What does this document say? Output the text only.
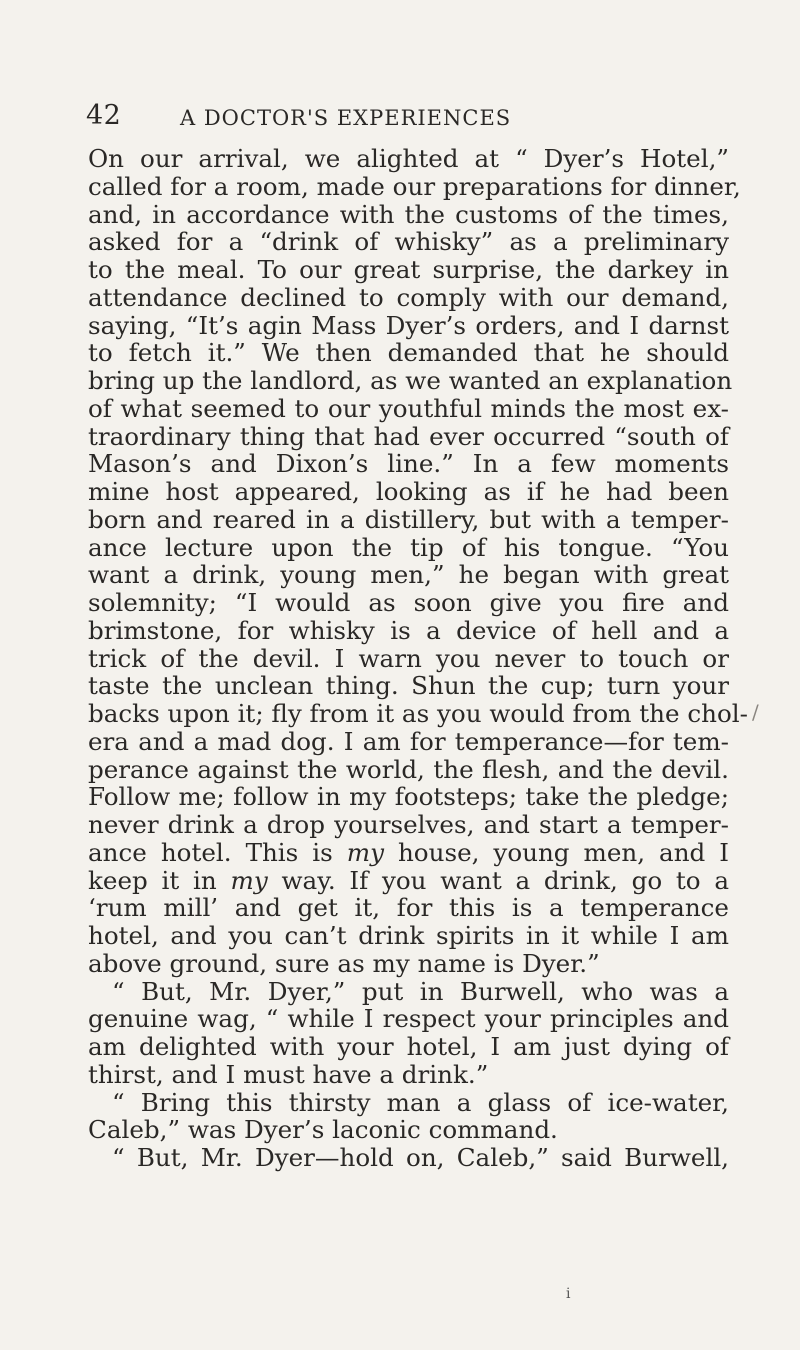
42	A DOCTOR'S EXPERIENCES
On our arrival, we alighted at “ Dyer’s Hotel,”
called for a room, made our preparations for dinner,
and, in accordance with the customs of the times,
asked for a “drink of whisky” as a preliminary
to the meal. To our great surprise, the darkey in
attendance declined to comply with our demand,
saying, “It’s agin Mass Dyer’s orders, and I darnst
to fetch it.” We then demanded that he should
bring up the landlord, as we wanted an explanation
of what seemed to our youthful minds the most ex-
traordinary thing that had ever occurred “south of
Mason’s and Dixon’s line.” In a few moments
mine host appeared, looking as if he had been
born and reared in a distillery, but with a temper-
ance lecture upon the tip of his tongue. “You
want a drink, young men,” he began with great
solemnity; “I would as soon give you fire and
brimstone, for whisky is a device of hell and a
trick of the devil. I warn you never to touch or
taste the unclean thing. Shun the cup; turn your
backs upon it; fly from it as you would from the chol-
era and a mad dog. I am for temperance—for tem-
perance against the world, the flesh, and the devil.
Follow me; follow in my footsteps; take the pledge;
never drink a drop yourselves, and start a temper-
ance hotel. This is my house, young men, and I
keep it in my way. If you want a drink, go to a
‘rum mill’ and get it, for this is a temperance
hotel, and you can’t drink spirits in it while I am
above ground, sure as my name is Dyer.”
“ But, Mr. Dyer,” put in Burwell, who was a
genuine wag, “ while I respect your principles and
am delighted with your hotel, I am just dying of
thirst, and I must have a drink.”
“ Bring this thirsty man a glass of ice-water,
Caleb,” was Dyer’s laconic command.
“ But, Mr. Dyer—hold on, Caleb,” said Burwell,
/
i
